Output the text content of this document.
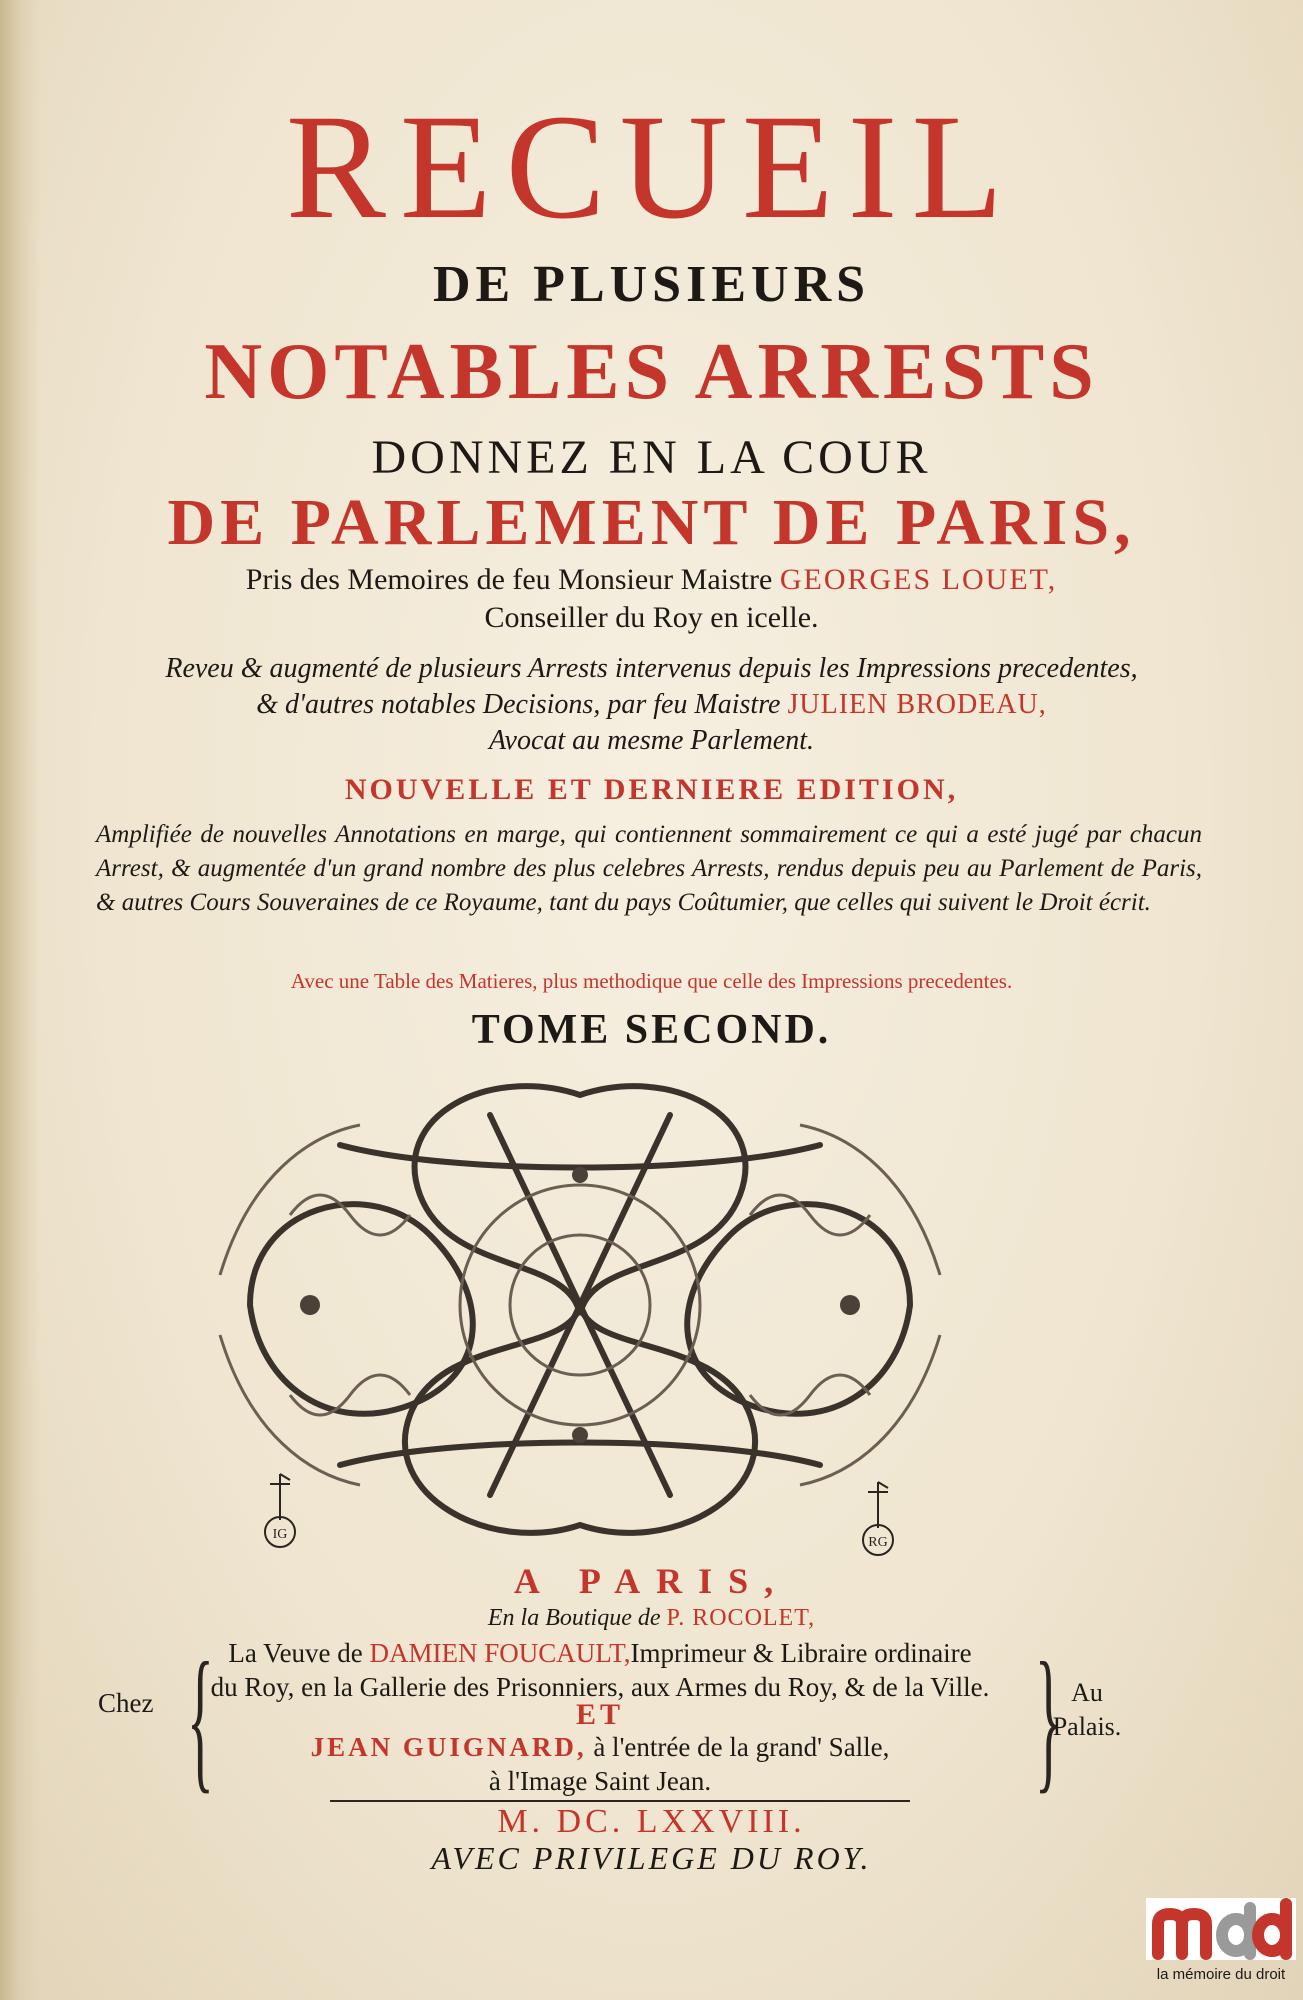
RECUEIL
DE PLUSIEURS
NOTABLES ARRESTS
DONNEZ EN LA COUR
DE PARLEMENT DE PARIS,
Pris des Memoires de feu Monsieur Maistre GEORGES LOUET,
Conseiller du Roy en icelle.
Reveu & augmenté de plusieurs Arrests intervenus depuis les Impressions precedentes,
& d'autres notables Decisions, par feu Maistre JULIEN BRODEAU,
Avocat au mesme Parlement.
NOUVELLE ET DERNIERE EDITION,
Amplifiée de nouvelles Annotations en marge, qui contiennent sommairement ce qui a esté jugé par chacun Arrest, & augmentée d'un grand nombre des plus celebres Arrests, rendus depuis peu au Parlement de Paris, & autres Cours Souveraines de ce Royaume, tant du pays Coûtumier, que celles qui suivent le Droit écrit.
Avec une Table des Matieres, plus methodique que celle des Impressions precedentes.
TOME SECOND.
IG
RG
A PARIS,
En la Boutique de P. ROCOLET,
Chez {	}
La Veuve de DAMIEN FOUCAULT,Imprimeur & Libraire ordinaire
du Roy, en la Gallerie des Prisonniers, aux Armes du Roy, & de la Ville.
ET
JEAN GUIGNARD, à l'entrée de la grand' Salle,
à l'Image Saint Jean.
Au Palais.
M. DC. LXXVIII.
AVEC PRIVILEGE DU ROY.
la mémoire du droit
